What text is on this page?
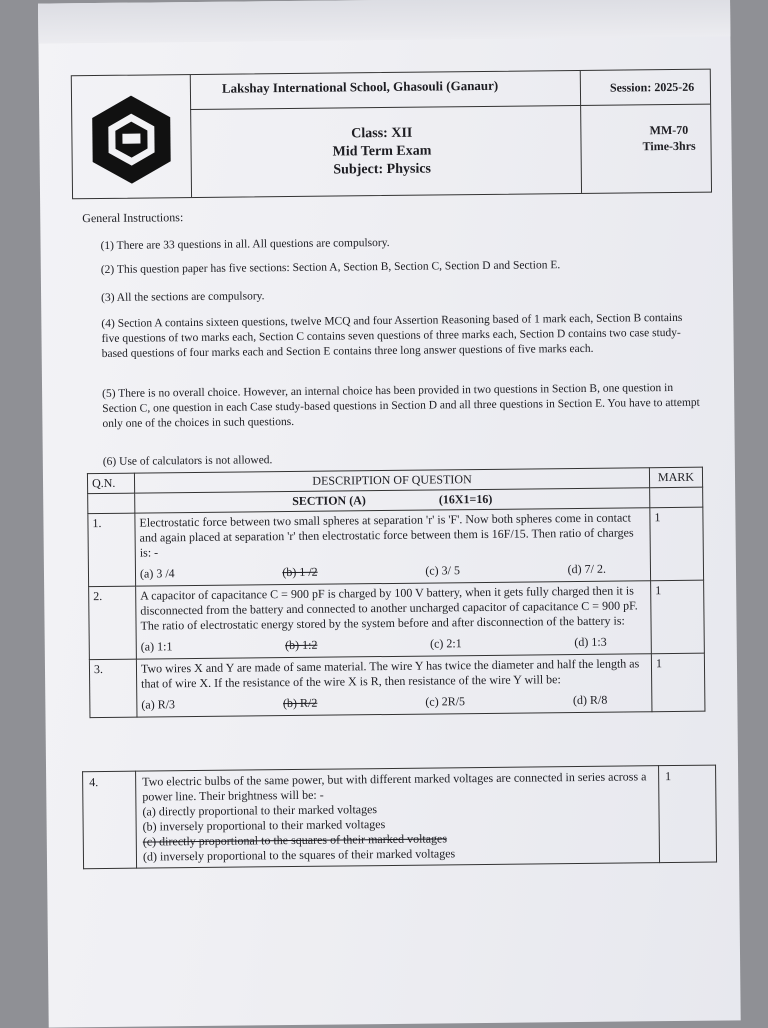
Lakshay International School, Ghasouli (Ganaur)	Session: 2025-26
Class: XII
Mid Term Exam
Subject: Physics
MM-70
Time-3hrs
General Instructions:
(1) There are 33 questions in all. All questions are compulsory.
(2) This question paper has five sections: Section A, Section B, Section C, Section D and Section E.
(3) All the sections are compulsory.
(4) Section A contains sixteen questions, twelve MCQ and four Assertion Reasoning based of 1 mark each, Section B contains five questions of two marks each, Section C contains seven questions of three marks each, Section D contains two case study-based questions of four marks each and Section E contains three long answer questions of five marks each.
(5) There is no overall choice. However, an internal choice has been provided in two questions in Section B, one question in Section C, one question in each Case study-based questions in Section D and all three questions in Section E. You have to attempt only one of the choices in such questions.
(6) Use of calculators is not allowed.
Q.N.	DESCRIPTION OF QUESTION	MARK
	SECTION (A) (16X1=16)	
1.	Electrostatic force between two small spheres at separation 'r' is 'F'. Now both spheres come in contact and again placed at separation 'r' then electrostatic force between them is 16F/15. Then ratio of charges is: -
(a) 3 /4 (b) 1 /2 (c) 3/ 5 (d) 7/ 2.	1
2.	A capacitor of capacitance C = 900 pF is charged by 100 V battery, when it gets fully charged then it is disconnected from the battery and connected to another uncharged capacitor of capacitance C = 900 pF. The ratio of electrostatic energy stored by the system before and after disconnection of the battery is:
(a) 1:1 (b) 1:2 (c) 2:1 (d) 1:3	1
3.	Two wires X and Y are made of same material. The wire Y has twice the diameter and half the length as that of wire X. If the resistance of the wire X is R, then resistance of the wire Y will be:
(a) R/3 (b) R/2 (c) 2R/5 (d) R/8	1
4.	Two electric bulbs of the same power, but with different marked voltages are connected in series across a power line. Their brightness will be: -
(a) directly proportional to their marked voltages
(b) inversely proportional to their marked voltages
(c) directly proportional to the squares of their marked voltages
(d) inversely proportional to the squares of their marked voltages
	1
